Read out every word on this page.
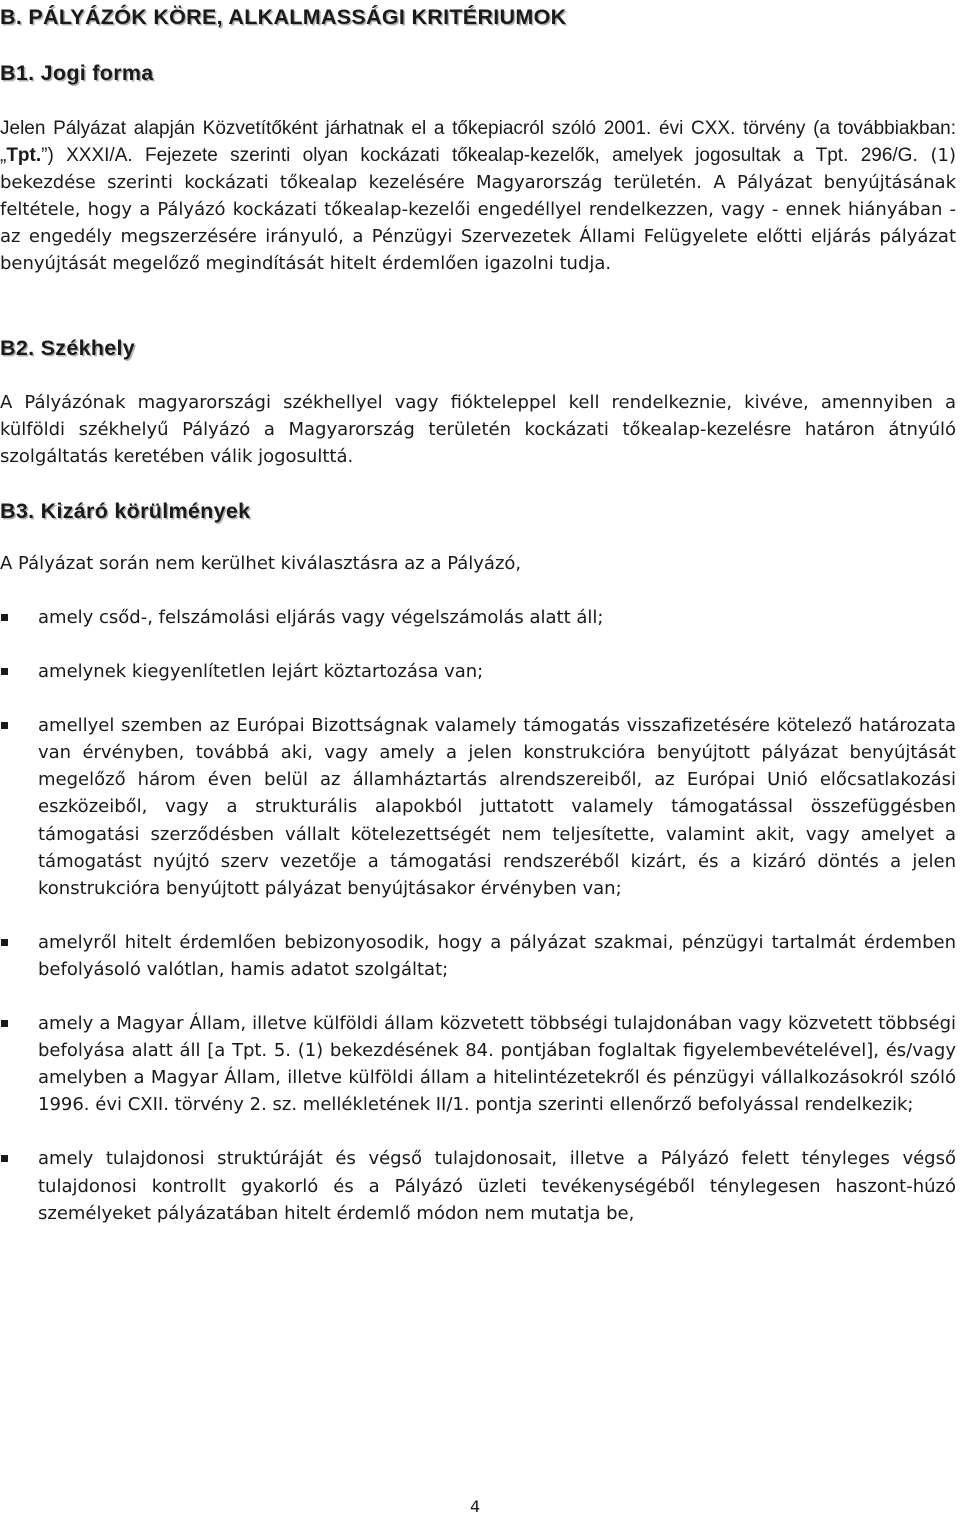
B. PÁLYÁZÓK KÖRE, ALKALMASSÁGI KRITÉRIUMOK
B1. Jogi forma

Jelen Pályázat alapján Közvetítőként járhatnak el a tőkepiacról szóló 2001. évi CXX. törvény (a továbbiakban: „Tpt.”) XXXI/A. Fejezete szerinti olyan kockázati tőkealap-kezelők, amelyek jogosultak a Tpt. 296/G. (1) bekezdése szerinti kockázati tőkealap kezelésére Magyarország területén. A Pályázat benyújtásának feltétele, hogy a Pályázó kockázati tőkealap-kezelői engedéllyel rendelkezzen, vagy - ennek hiányában - az engedély megszerzésére irányuló, a Pénzügyi Szervezetek Állami Felügyelete előtti eljárás pályázat benyújtását megelőző megindítását hitelt érdemlően igazolni tudja.

B2. Székhely

A Pályázónak magyarországi székhellyel vagy fiókteleppel kell rendelkeznie, kivéve, amennyiben a külföldi székhelyű Pályázó a Magyarország területén kockázati tőkealap-kezelésre határon átnyúló szolgáltatás keretében válik jogosulttá.

B3. Kizáró körülmények

A Pályázat során nem kerülhet kiválasztásra az a Pályázó,

amely csőd-, felszámolási eljárás vagy végelszámolás alatt áll;
amelynek kiegyenlítetlen lejárt köztartozása van;
amellyel szemben az Európai Bizottságnak valamely támogatás visszafizetésére kötelező határozata van érvényben, továbbá aki, vagy amely a jelen konstrukcióra benyújtott pályázat benyújtását megelőző három éven belül az államháztartás alrendszereiből, az Európai Unió előcsatlakozási eszközeiből, vagy a strukturális alapokból juttatott valamely támogatással összefüggésben támogatási szerződésben vállalt kötelezettségét nem teljesítette, valamint akit, vagy amelyet a támogatást nyújtó szerv vezetője a támogatási rendszeréből kizárt, és a kizáró döntés a jelen konstrukcióra benyújtott pályázat benyújtásakor érvényben van;
amelyről hitelt érdemlően bebizonyosodik, hogy a pályázat szakmai, pénzügyi tartalmát érdemben befolyásoló valótlan, hamis adatot szolgáltat;
amely a Magyar Állam, illetve külföldi állam közvetett többségi tulajdonában vagy közvetett többségi befolyása alatt áll [a Tpt. 5. (1) bekezdésének 84. pontjában foglaltak figyelembevételével], és/vagy amelyben a Magyar Állam, illetve külföldi állam a hitelintézetekről és pénzügyi vállalkozásokról szóló 1996. évi CXII. törvény 2. sz. mellékletének II/1. pontja szerinti ellenőrző befolyással rendelkezik;
amely tulajdonosi struktúráját és végső tulajdonosait, illetve a Pályázó felett tényleges végső tulajdonosi kontrollt gyakorló és a Pályázó üzleti tevékenységéből ténylegesen haszont-húzó személyeket pályázatában hitelt érdemlő módon nem mutatja be,

4
